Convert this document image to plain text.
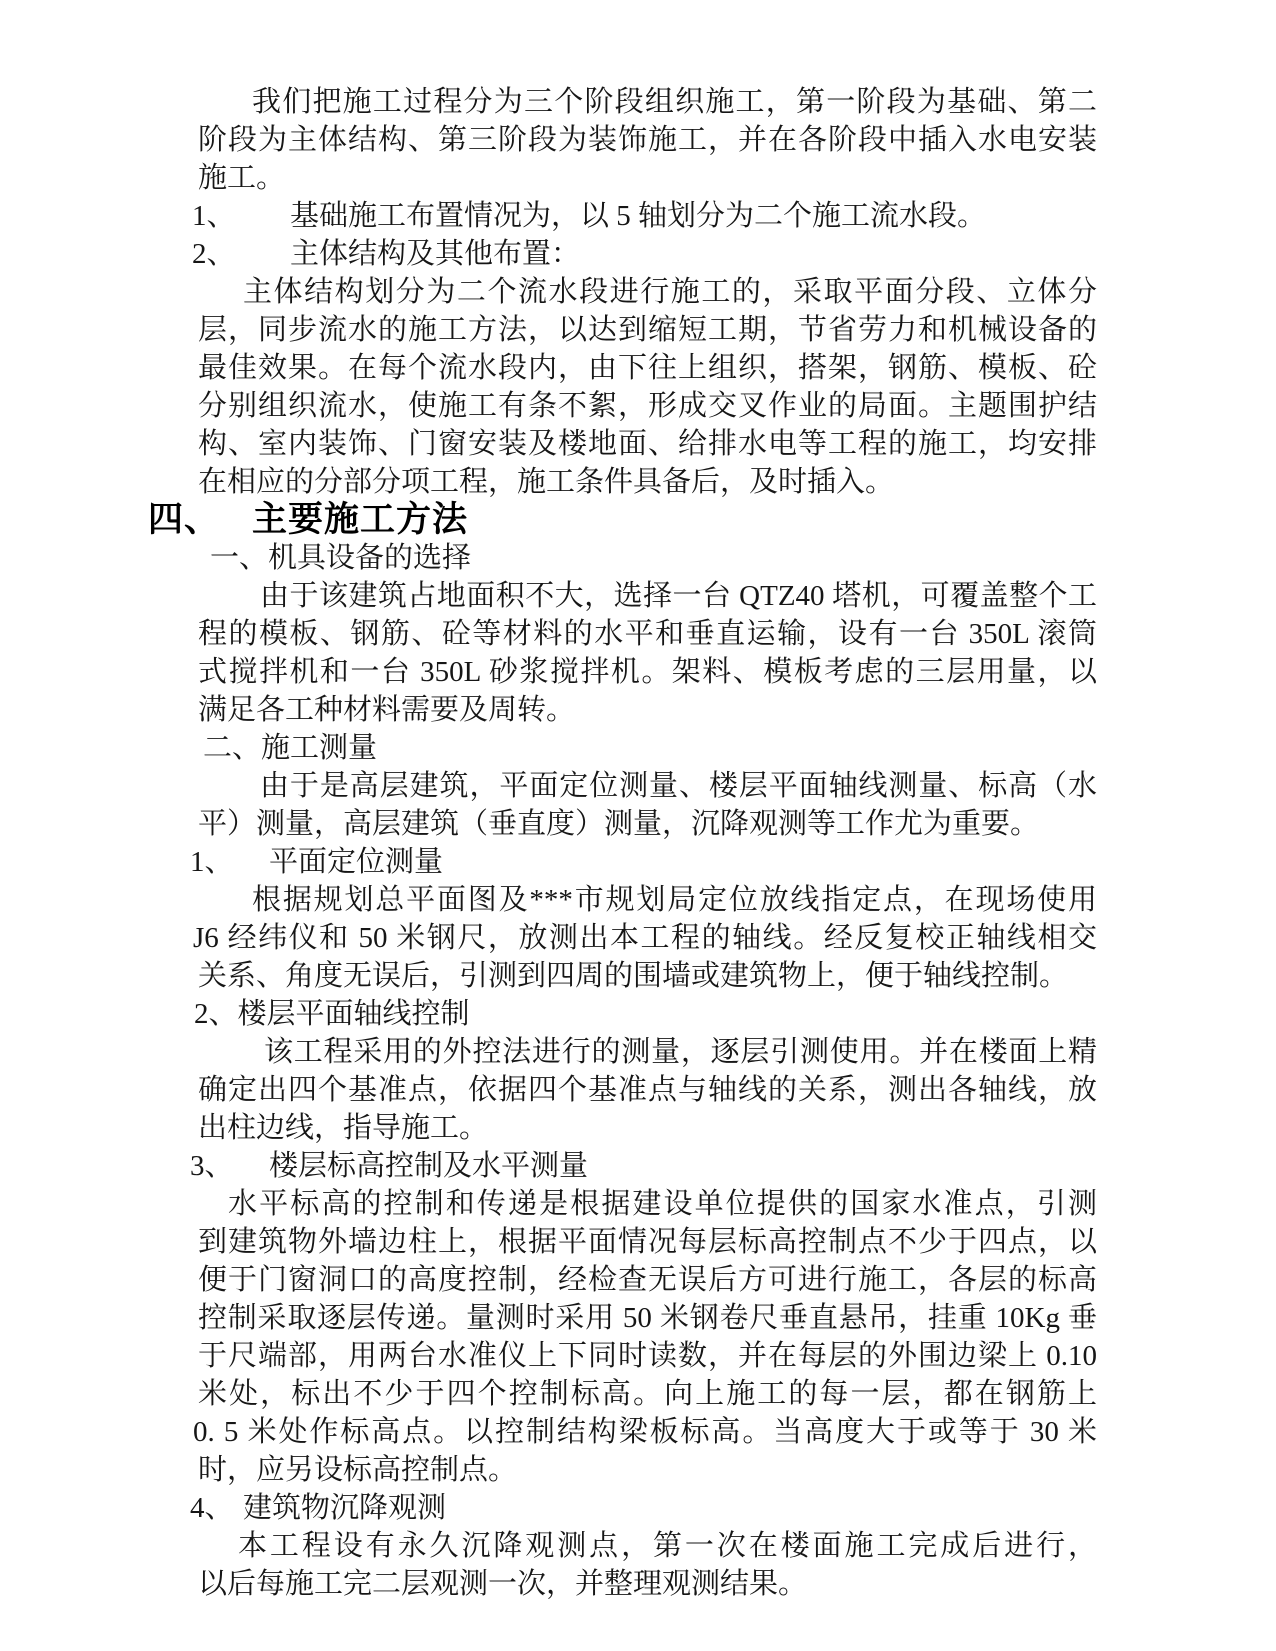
我们把施工过程分为三个阶段组织施工，第一阶段为基础、第二
阶段为主体结构、第三阶段为装饰施工，并在各阶段中插入水电安装
施工。
1、 基础施工布置情况为，以 5 轴划分为二个施工流水段。
2、 主体结构及其他布置：
主体结构划分为二个流水段进行施工的，采取平面分段、立体分
层，同步流水的施工方法，以达到缩短工期，节省劳力和机械设备的
最佳效果。在每个流水段内，由下往上组织，搭架，钢筋、模板、砼
分别组织流水，使施工有条不絮，形成交叉作业的局面。主题围护结
构、室内装饰、门窗安装及楼地面、给排水电等工程的施工，均安排
在相应的分部分项工程，施工条件具备后，及时插入。
四、 主要施工方法
一、机具设备的选择
由于该建筑占地面积不大，选择一台 QTZ40 塔机，可覆盖整个工
程的模板、钢筋、砼等材料的水平和垂直运输，设有一台 350L 滚筒
式搅拌机和一台 350L 砂浆搅拌机。架料、模板考虑的三层用量，以
满足各工种材料需要及周转。
二、施工测量
由于是高层建筑，平面定位测量、楼层平面轴线测量、标高（水
平）测量，高层建筑（垂直度）测量，沉降观测等工作尤为重要。
1、 平面定位测量
根据规划总平面图及***市规划局定位放线指定点，在现场使用
J6 经纬仪和 50 米钢尺，放测出本工程的轴线。经反复校正轴线相交
关系、角度无误后，引测到四周的围墙或建筑物上，便于轴线控制。
2、楼层平面轴线控制
该工程采用的外控法进行的测量，逐层引测使用。并在楼面上精
确定出四个基准点，依据四个基准点与轴线的关系，测出各轴线，放
出柱边线，指导施工。
3、 楼层标高控制及水平测量
水平标高的控制和传递是根据建设单位提供的国家水准点，引测
到建筑物外墙边柱上，根据平面情况每层标高控制点不少于四点，以
便于门窗洞口的高度控制，经检查无误后方可进行施工，各层的标高
控制采取逐层传递。量测时采用 50 米钢卷尺垂直悬吊，挂重 10Kg 垂
于尺端部，用两台水准仪上下同时读数，并在每层的外围边梁上 0.10
米处，标出不少于四个控制标高。向上施工的每一层，都在钢筋上
0. 5 米处作标高点。以控制结构梁板标高。当高度大于或等于 30 米
时，应另设标高控制点。
4、 建筑物沉降观测
本工程设有永久沉降观测点，第一次在楼面施工完成后进行，
以后每施工完二层观测一次，并整理观测结果。
